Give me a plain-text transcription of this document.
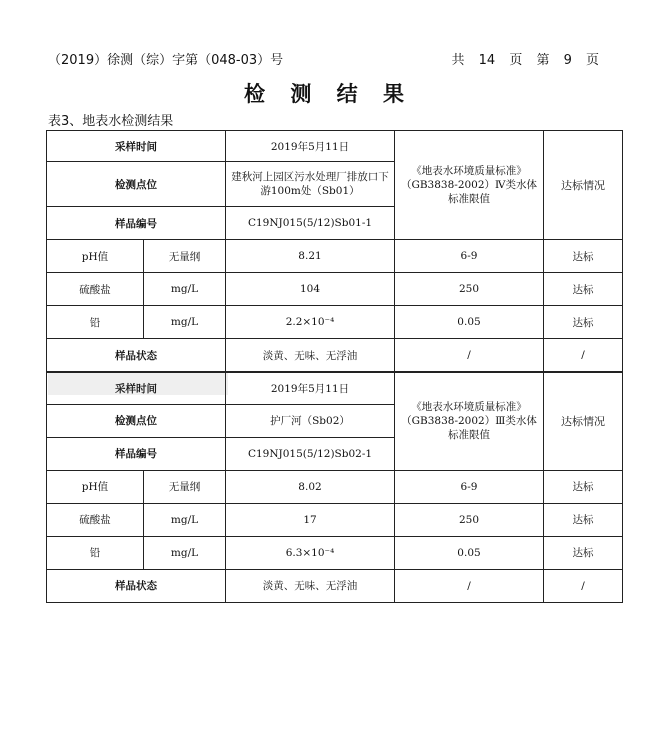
（2019）徐测（综）字第（048-03）号	共 14 页 第 9 页
检 测 结 果
表3、地表水检测结果
采样时间		2019年5月11日	《地表水环境质量标准》（GB3838-2002）Ⅳ类水体标准限值	达标情况
检测点位		建秋河上园区污水处理厂排放口下游100m处（Sb01）		
样品编号		C19NJ015(5/12)Sb01-1		
pH值	无量纲	8.21	6-9	达标
硫酸盐	mg/L	104	250	达标
铅	mg/L	2.2×10⁻⁴	0.05	达标
样品状态		淡黄、无味、无浮油	/	/
采样时间		2019年5月11日	《地表水环境质量标准》（GB3838-2002）Ⅲ类水体标准限值	达标情况
检测点位		护厂河（Sb02）		
样品编号		C19NJ015(5/12)Sb02-1		
pH值	无量纲	8.02	6-9	达标
硫酸盐	mg/L	17	250	达标
铅	mg/L	6.3×10⁻⁴	0.05	达标
样品状态		淡黄、无味、无浮油	/	/
